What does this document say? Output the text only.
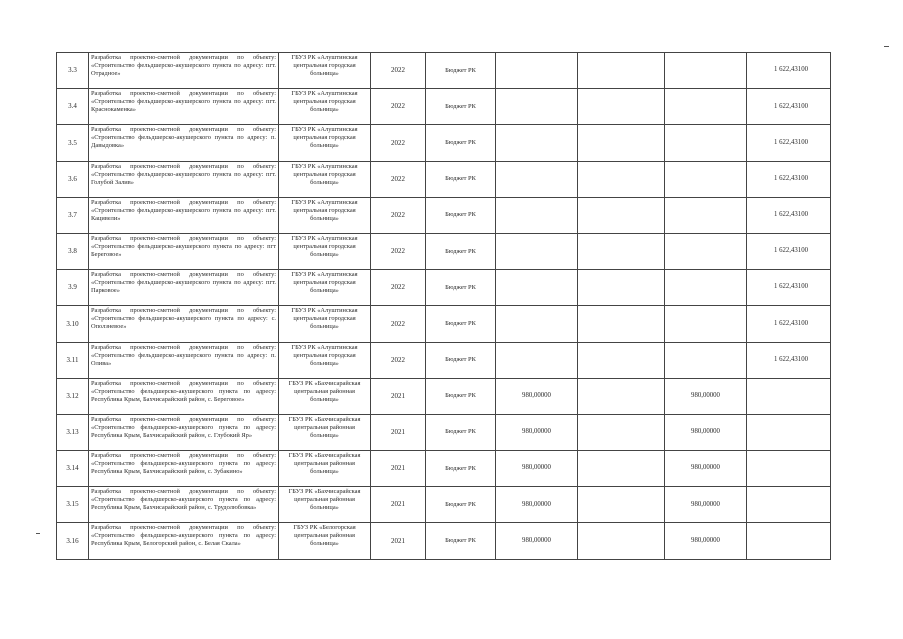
3.3	Разработка проектно-сметной документации по объекту: «Строительство фельдшерско-акушерского пункта по адресу: пгт. Отрадное»	ГБУЗ РК «Алуштинская центральная городская больница»	2022	Бюджет РК				1 622,43100
3.4	Разработка проектно-сметной документации по объекту: «Строительство фельдшерско-акушерского пункта по адресу: пгт. Краснокаменка»	ГБУЗ РК «Алуштинская центральная городская больница»	2022	Бюджет РК				1 622,43100
3.5	Разработка проектно-сметной документации по объекту: «Строительство фельдшерско-акушерского пункта по адресу: п. Давыдовка»	ГБУЗ РК «Алуштинская центральная городская больница»	2022	Бюджет РК				1 622,43100
3.6	Разработка проектно-сметной документации по объекту: «Строительство фельдшерско-акушерского пункта по адресу: пгт. Голубой Залив»	ГБУЗ РК «Алуштинская центральная городская больница»	2022	Бюджет РК				1 622,43100
3.7	Разработка проектно-сметной документации по объекту: «Строительство фельдшерско-акушерского пункта по адресу: пгт. Кацивели»	ГБУЗ РК «Алуштинская центральная городская больница»	2022	Бюджет РК				1 622,43100
3.8	Разработка проектно-сметной документации по объекту: «Строительство фельдшерско-акушерского пункта по адресу: пгт Береговое»	ГБУЗ РК «Алуштинская центральная городская больница»	2022	Бюджет РК				1 622,43100
3.9	Разработка проектно-сметной документации по объекту: «Строительство фельдшерско-акушерского пункта по адресу: пгт. Парковое»	ГБУЗ РК «Алуштинская центральная городская больница»	2022	Бюджет РК				1 622,43100
3.10	Разработка проектно-сметной документации по объекту: «Строительство фельдшерско-акушерского пункта по адресу: с. Оползневое»	ГБУЗ РК «Алуштинская центральная городская больница»	2022	Бюджет РК				1 622,43100
3.11	Разработка проектно-сметной документации по объекту: «Строительство фельдшерско-акушерского пункта по адресу: п. Олива»	ГБУЗ РК «Алуштинская центральная городская больница»	2022	Бюджет РК				1 622,43100
3.12	Разработка проектно-сметной документации по объекту: «Строительство фельдшерско-акушерского пункта по адресу: Республика Крым, Бахчисарайский район, с. Береговое»	ГБУЗ РК «Бахчисарайская центральная районная больница»	2021	Бюджет РК	980,00000		980,00000	
3.13	Разработка проектно-сметной документации по объекту: «Строительство фельдшерско-акушерского пункта по адресу: Республика Крым, Бахчисарайский район, с. Глубокий Яр»	ГБУЗ РК «Бахчисарайская центральная районная больница»	2021	Бюджет РК	980,00000		980,00000	
3.14	Разработка проектно-сметной документации по объекту: «Строительство фельдшерско-акушерского пункта по адресу: Республика Крым, Бахчисарайский район, с. Зубакино»	ГБУЗ РК «Бахчисарайская центральная районная больница»	2021	Бюджет РК	980,00000		980,00000	
3.15	Разработка проектно-сметной документации по объекту: «Строительство фельдшерско-акушерского пункта по адресу: Республика Крым, Бахчисарайский район, с. Трудолюбовка»	ГБУЗ РК «Бахчисарайская центральная районная больница»	2021	Бюджет РК	980,00000		980,00000	
3.16	Разработка проектно-сметной документации по объекту: «Строительство фельдшерско-акушерского пункта по адресу: Республика Крым, Белогорский район, с. Белая Скала»	ГБУЗ РК «Белогорская центральная районная больница»	2021	Бюджет РК	980,00000		980,00000	
